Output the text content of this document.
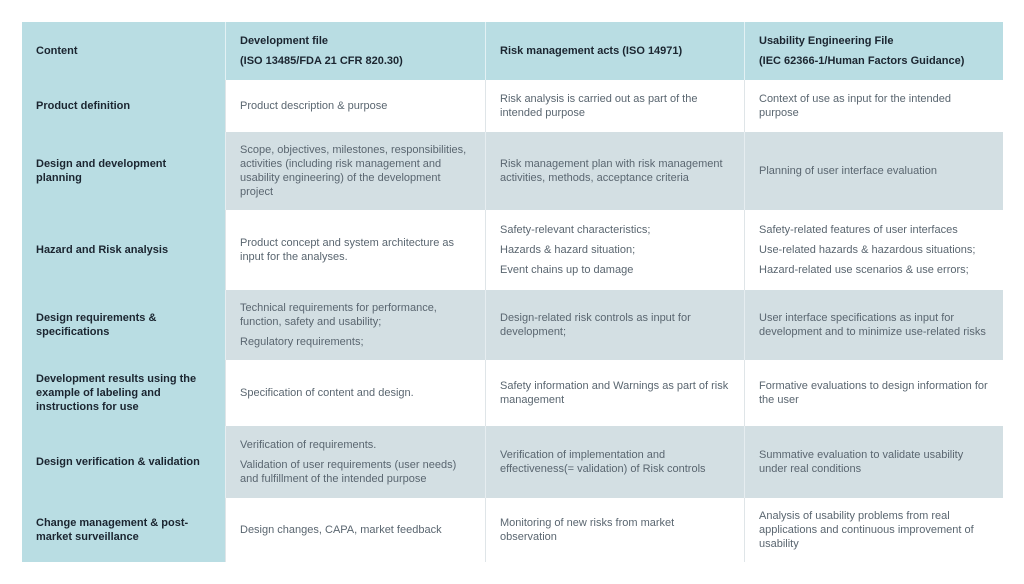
Content
Development file
(ISO 13485/FDA 21 CFR 820.30)
Risk management acts (ISO 14971)
Usability Engineering File
(IEC 62366-1/Human Factors Guidance)
Product definition	Product description & purpose
Risk analysis is carried out as part of the intended purpose
Context of use as input for the intended purpose
Design and development planning
Scope, objectives, milestones, responsibilities, activities (including risk management and usability engineering) of the development project
Risk management plan with risk management activities, methods, acceptance criteria
Planning of user interface evaluation
Hazard and Risk analysis
Product concept and system architecture as input for the analyses.
Safety-relevant characteristics;
Hazards & hazard situation;
Event chains up to damage
Safety-related features of user interfaces
Use-related hazards & hazardous situations;
Hazard-related use scenarios & use errors;
Design requirements & specifications
Technical requirements for performance, function, safety and usability;
Regulatory requirements;
Design-related risk controls as input for development;
User interface specifications as input for development and to minimize use-related risks
Development results using the example of labeling and instructions for use
Specification of content and design.
Safety information and Warnings as part of risk management
Formative evaluations to design information for the user
Design verification & validation
Verification of requirements.
Validation of user requirements (user needs) and fulfillment of the intended purpose
Verification of implementation and effectiveness(= validation) of Risk controls
Summative evaluation to validate usability under real conditions
Change management & post-market surveillance
Design changes, CAPA, market feedback
Monitoring of new risks from market observation
Analysis of usability problems from real applications and continuous improvement of usability
